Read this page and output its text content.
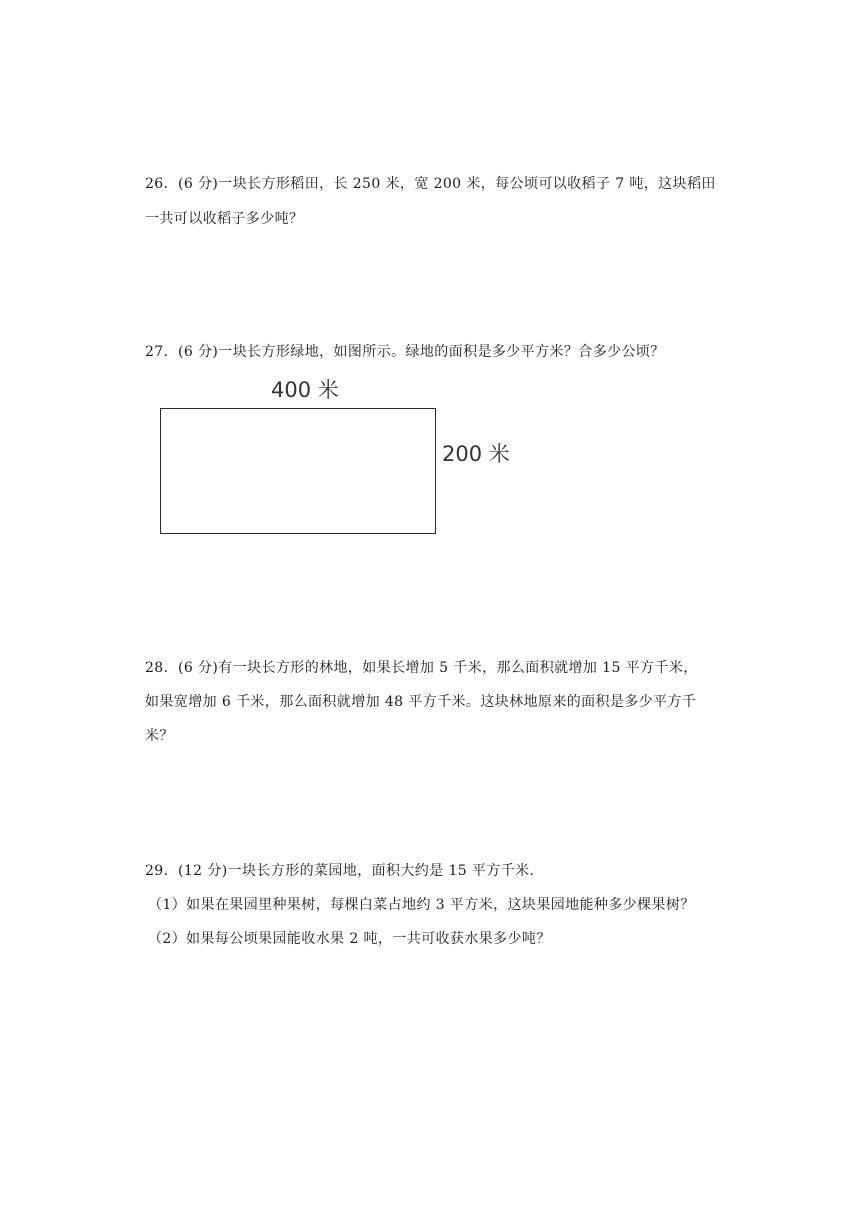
26．(6 分)一块长方形稻田，长 250 米，宽 200 米，每公顷可以收稻子 7 吨，这块稻田
一共可以收稻子多少吨？
27．(6 分)一块长方形绿地，如图所示。绿地的面积是多少平方米？合多少公顷？
400 米
200 米
28．(6 分)有一块长方形的林地，如果长增加 5 千米，那么面积就增加 15 平方千米，
如果宽增加 6 千米，那么面积就增加 48 平方千米。这块林地原来的面积是多少平方千
米？
29．(12 分)一块长方形的菜园地，面积大约是 15 平方千米．
（1）如果在果园里种果树，每棵白菜占地约 3 平方米，这块果园地能种多少棵果树？
（2）如果每公顷果园能收水果 2 吨，一共可收获水果多少吨？
